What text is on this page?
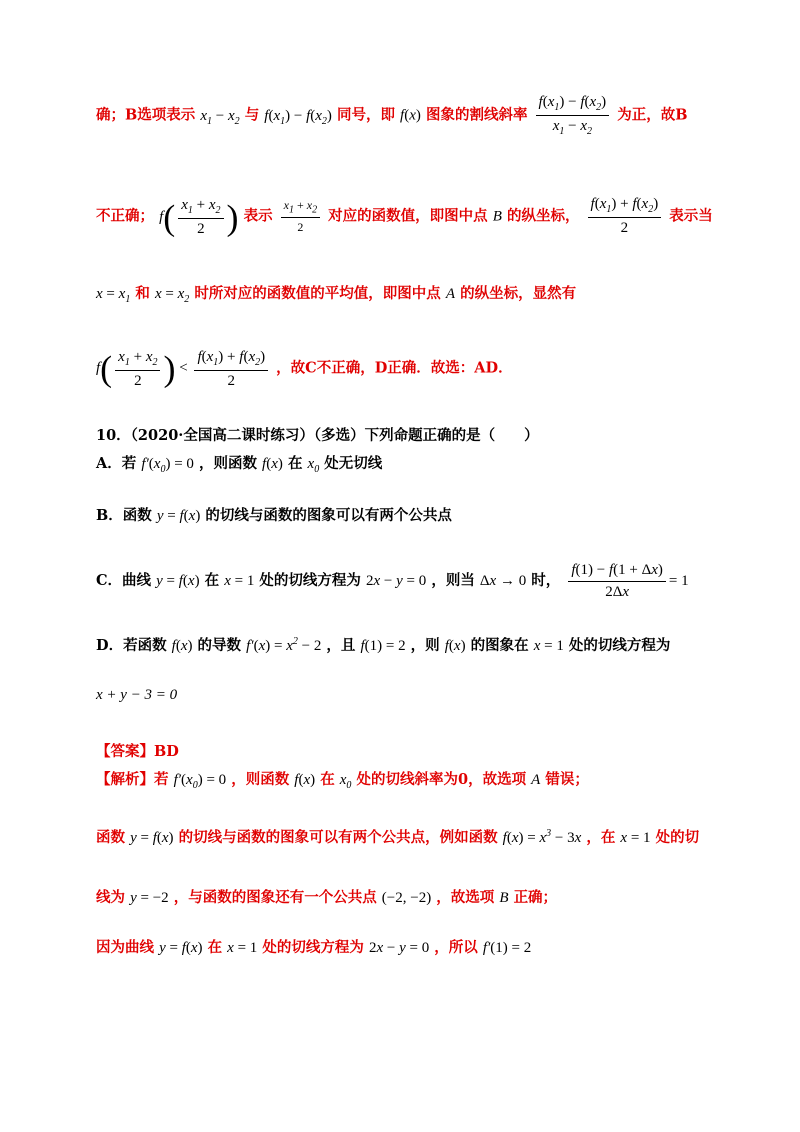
确；B选项表示 $x_1 - x_2$ 与 $f(x_1) - f(x_2)$ 同号，即 f(x) 图象的割线斜率 $\frac{f(x_1) - f(x_2)}{x_1 - x_2}$ 为正，故B
不正确； $f( \frac{x_1 + x_2}{2}$ ) 表示 $\frac{x_1 + x_2}{2}$ 对应的函数值，即图中点 B 的纵坐标， $\frac{f(x_1) + f(x_2)}{2}$ 表示当
$x = x_1$ 和 $x = x_2$ 时所对应的函数值的平均值，即图中点 A 的纵坐标，显然有
$f( \frac{x_1 + x_2}{2}$ ) < $\frac{f(x_1) + f(x_2)}{2}$ ，故C不正确，D正确．故选：AD．
10．（2020·全国高二课时练习）（多选）下列命题正确的是（　　）
A．若 $f'(x_0) = 0$ ，则函数 f(x) 在 $x_0$ 处无切线
B．函数 y = f(x) 的切线与函数的图象可以有两个公共点
C．曲线 y = f(x) 在 x = 1 处的切线方程为 2x − y = 0 ，则当 Δx → 0 时， $\frac{f(1) - f(1 + \Delta x)}{2\Delta x} = 1$
D．若函数 f(x) 的导数 $f'(x) = x^2 - 2$ ，且 f(1) = 2 ，则 f(x) 的图象在 x = 1 处的切线方程为
x + y − 3 = 0
【答案】BD
【解析】若 $f'(x_0) = 0$ ，则函数 f(x) 在 $x_0$ 处的切线斜率为0，故选项 A 错误；
函数 y = f(x) 的切线与函数的图象可以有两个公共点，例如函数 $f(x) = x^3 - 3x$ ，在 x = 1 处的切
线为 y = −2 ，与函数的图象还有一个公共点 (−2, −2) ，故选项 B 正确；
因为曲线 y = f(x) 在 x = 1 处的切线方程为 2x − y = 0 ，所以 f′(1) = 2
